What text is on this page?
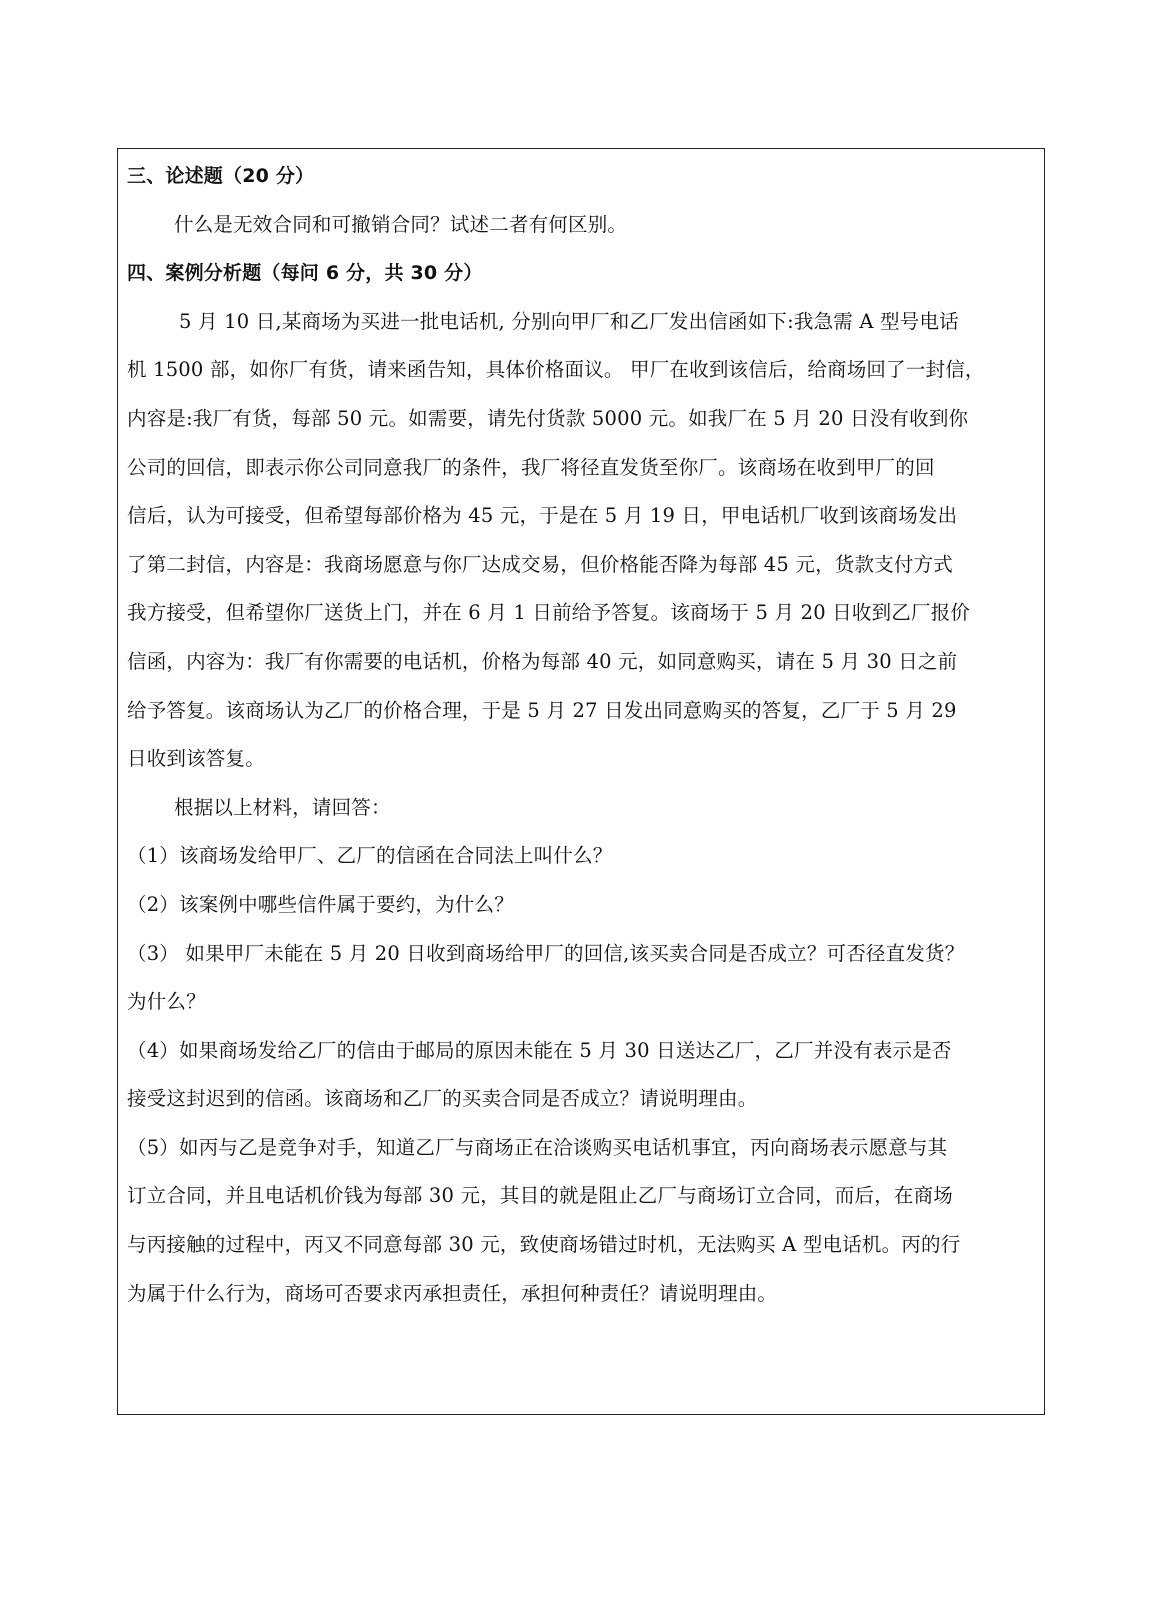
三、论述题（20 分）
什么是无效合同和可撤销合同？试述二者有何区别。
四、案例分析题（每问 6 分，共 30 分）
5 月 10 日,某商场为买进一批电话机, 分别向甲厂和乙厂发出信函如下:我急需 A 型号电话
机 1500 部，如你厂有货，请来函告知，具体价格面议。 甲厂在收到该信后，给商场回了一封信，
内容是:我厂有货，每部 50 元。如需要，请先付货款 5000 元。如我厂在 5 月 20 日没有收到你
公司的回信，即表示你公司同意我厂的条件，我厂将径直发货至你厂。该商场在收到甲厂的回
信后，认为可接受，但希望每部价格为 45 元，于是在 5 月 19 日，甲电话机厂收到该商场发出
了第二封信，内容是：我商场愿意与你厂达成交易，但价格能否降为每部 45 元，货款支付方式
我方接受，但希望你厂送货上门，并在 6 月 1 日前给予答复。该商场于 5 月 20 日收到乙厂报价
信函，内容为：我厂有你需要的电话机，价格为每部 40 元，如同意购买，请在 5 月 30 日之前
给予答复。该商场认为乙厂的价格合理，于是 5 月 27 日发出同意购买的答复，乙厂于 5 月 29
日收到该答复。
根据以上材料，请回答：
（1）该商场发给甲厂、乙厂的信函在合同法上叫什么？
（2）该案例中哪些信件属于要约，为什么？
（3） 如果甲厂未能在 5 月 20 日收到商场给甲厂的回信,该买卖合同是否成立？可否径直发货？
为什么？
（4）如果商场发给乙厂的信由于邮局的原因未能在 5 月 30 日送达乙厂，乙厂并没有表示是否
接受这封迟到的信函。该商场和乙厂的买卖合同是否成立？请说明理由。
（5）如丙与乙是竞争对手，知道乙厂与商场正在洽谈购买电话机事宜，丙向商场表示愿意与其
订立合同，并且电话机价钱为每部 30 元，其目的就是阻止乙厂与商场订立合同，而后，在商场
与丙接触的过程中，丙又不同意每部 30 元，致使商场错过时机，无法购买 A 型电话机。丙的行
为属于什么行为，商场可否要求丙承担责任，承担何种责任？请说明理由。
